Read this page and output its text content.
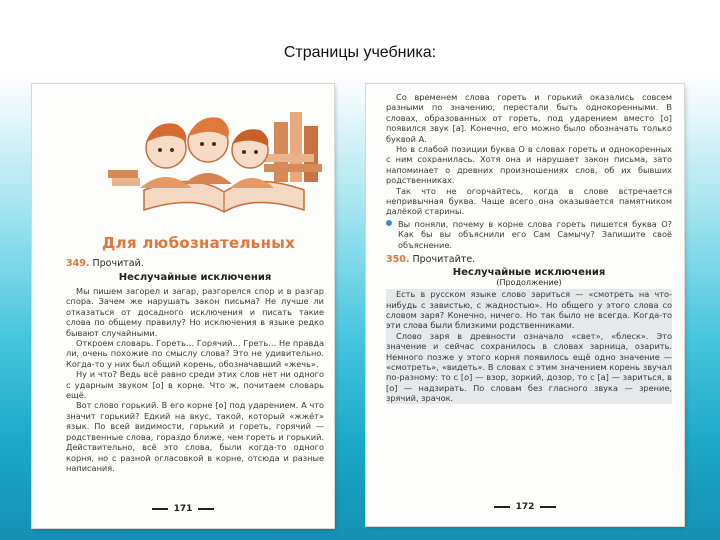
Страницы учебника:
Для любознательных
349. Прочитай.
Неслучайные исключения

Мы пишем загорел и загар, разгорелся спор и в разгар спора. Зачем же нарушать закон письма? Не лучше ли отказаться от досадного исключения и писать такие слова по общему правилу? Но исключения в языке редко бывают случайными.

Откроем словарь. Гореть… Горячий… Греть… Не правда ли, очень похожие по смыслу слова? Это не удивительно. Когда-то у них был общий корень, обозначавший «жечь».

Ну и что? Ведь всё равно среди этих слов нет ни одного с ударным звуком [о] в корне. Что ж, почитаем словарь ещё.

Вот слово горький. В его корне [о] под ударением. А что значит горький? Едкий на вкус, такой, который «жжёт» язык. По всей видимости, горький и гореть, горячий — родственные слова, гораздо ближе, чем гореть и горький. Действительно, всё это слова, были когда-то одного корня, но с разной огласовкой в корне, отсюда и разные написания.

171

Со временем слова гореть и горький оказались совсем разными по значению, перестали быть однокоренными. В словах, образованных от гореть, под ударением вместо [о] появился звук [а]. Конечно, его можно было обозначать только буквой А.

Но в слабой позиции буква О в словах гореть и однокоренных с ним сохранилась. Хотя она и нарушает закон письма, зато напоминает о древних произношениях слов, об их бывших родственниках.

Так что не огорчайтесь, когда в слове встречается непривычная буква. Чаще всего она оказывается памятником далёкой старины.

Вы поняли, почему в корне слова гореть пишется буква О? Как бы вы объяснили его Сам Самычу? Запишите своё объяснение.

350. Прочитайте.
Неслучайные исключения
(Продолжение)

Есть в русском языке слово зариться — «смотреть на что-нибудь с завистью, с жадностью». Но общего у этого слова со словом заря? Конечно, ничего. Но так было не всегда. Когда-то эти слова были близкими родственниками.

Слово заря в древности означало «свет», «блеск». Это значение и сейчас сохранилось в словах зарница, озарить. Немного позже у этого корня появилось ещё одно значение — «смотреть», «видеть». В словах с этим значением корень звучал по-разному: то с [о] — взор, зоркий, дозор, то с [а] — зариться, в [о] — надзирать. По словам без гласного звука — зрение, зрячий, зрачок.

172
